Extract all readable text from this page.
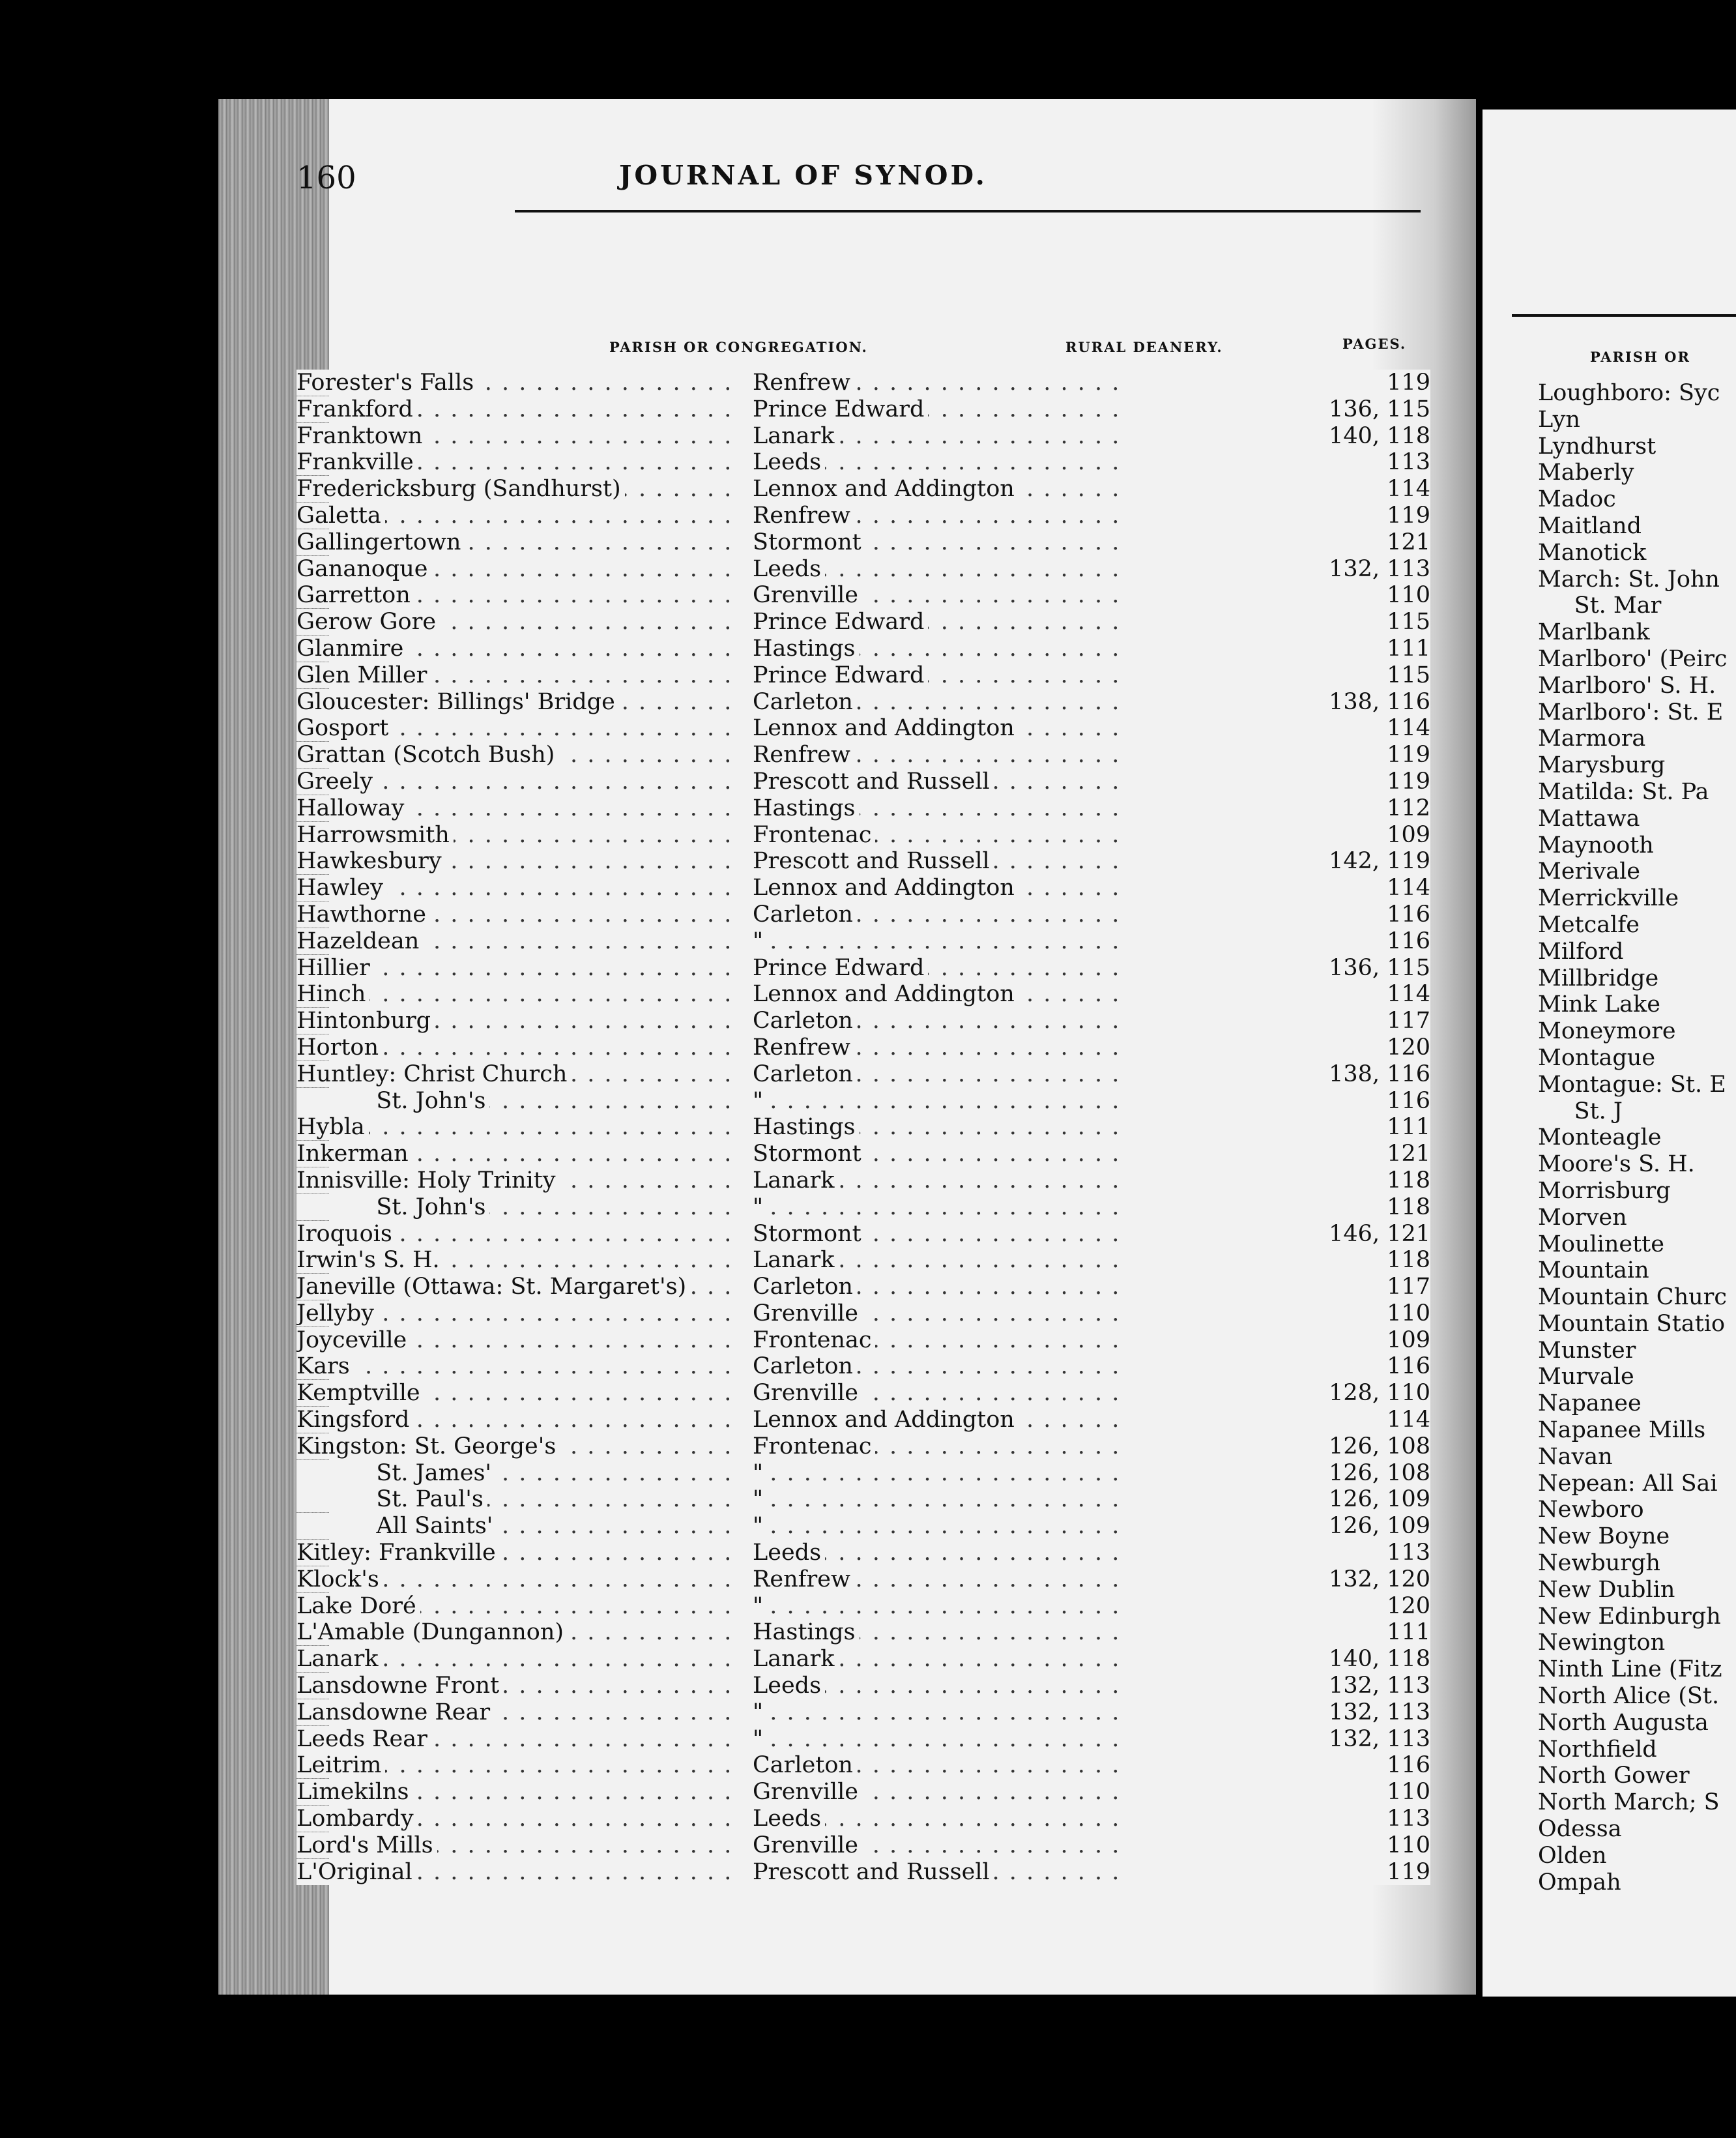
160	JOURNAL OF SYNOD.
PARISH OR CONGREGATION.	RURAL DEANERY.	PAGES.
PARISH OR
Forester's Falls . . .	Renfrew . . .	119
Frankford . . .	Prince Edward . . .	136, 115
Franktown . . .	Lanark . . .	140, 118
Frankville . . .	Leeds . . .	113
Fredericksburg (Sandhurst) . . .	Lennox and Addington . . .	114
Galetta . . .	Renfrew . . .	119
Gallingertown . . .	Stormont . . .	121
Gananoque . . .	Leeds . . .	132, 113
Garretton . . .	Grenville . . .	110
Gerow Gore . . .	Prince Edward . . .	115
Glanmire . . .	Hastings . . .	111
Glen Miller . . .	Prince Edward . . .	115
Gloucester: Billings' Bridge . . .	Carleton . . .	138, 116
Gosport . . .	Lennox and Addington . . .	114
Grattan (Scotch Bush) . . .	Renfrew . . .	119
Greely . . .	Prescott and Russell . . .	119
Halloway . . .	Hastings . . .	112
Harrowsmith . . .	Frontenac . . .	109
Hawkesbury . . .	Prescott and Russell . . .	142, 119
Hawley . . .	Lennox and Addington . . .	114
Hawthorne . . .	Carleton . . .	116
Hazeldean . . .	" . . .	116
Hillier . . .	Prince Edward . . .	136, 115
Hinch . . .	Lennox and Addington . . .	114
Hintonburg . . .	Carleton . . .	117
Horton . . .	Renfrew . . .	120
Huntley: Christ Church . . .	Carleton . . .	138, 116
St. John's . . .	" . . .	116
Hybla . . .	Hastings . . .	111
Inkerman . . .	Stormont . . .	121
Innisville: Holy Trinity . . .	Lanark . . .	118
St. John's . . .	" . . .	118
Iroquois . . .	Stormont . . .	146, 121
Irwin's S. H. . . .	Lanark . . .	118
Janeville (Ottawa: St. Margaret's) . . .	Carleton . . .	117
Jellyby . . .	Grenville . . .	110
Joyceville . . .	Frontenac . . .	109
Kars . . .	Carleton . . .	116
Kemptville . . .	Grenville . . .	128, 110
Kingsford . . .	Lennox and Addington . . .	114
Kingston: St. George's . . .	Frontenac . . .	126, 108
St. James' . . .	" . . .	126, 108
St. Paul's . . .	" . . .	126, 109
All Saints' . . .	" . . .	126, 109
Kitley: Frankville . . .	Leeds . . .	113
Klock's . . .	Renfrew . . .	132, 120
Lake Doré . . .	" . . .	120
L'Amable (Dungannon) . . .	Hastings . . .	111
Lanark . . .	Lanark . . .	140, 118
Lansdowne Front . . .	Leeds . . .	132, 113
Lansdowne Rear . . .	" . . .	132, 113
Leeds Rear . . .	" . . .	132, 113
Leitrim . . .	Carleton . . .	116
Limekilns . . .	Grenville . . .	110
Lombardy . . .	Leeds . . .	113
Lord's Mills . . .	Grenville . . .	110
L'Original . . .	Prescott and Russell . . .	119
Loughboro: Syc
Lyn
Lyndhurst
Maberly
Madoc
Maitland
Manotick
March: St. John
St. Mar
Marlbank
Marlboro' (Peirc
Marlboro' S. H.
Marlboro': St. E
Marmora
Marysburg
Matilda: St. Pa
Mattawa
Maynooth
Merivale
Merrickville
Metcalfe
Milford
Millbridge
Mink Lake
Moneymore
Montague
Montague: St. E
St. J
Monteagle
Moore's S. H.
Morrisburg
Morven
Moulinette
Mountain
Mountain Churc
Mountain Statio
Munster
Murvale
Napanee
Napanee Mills
Navan
Nepean: All Sai
Newboro
New Boyne
Newburgh
New Dublin
New Edinburgh
Newington
Ninth Line (Fitz
North Alice (St.
North Augusta
Northfield
North Gower
North March; S
Odessa
Olden
Ompah
